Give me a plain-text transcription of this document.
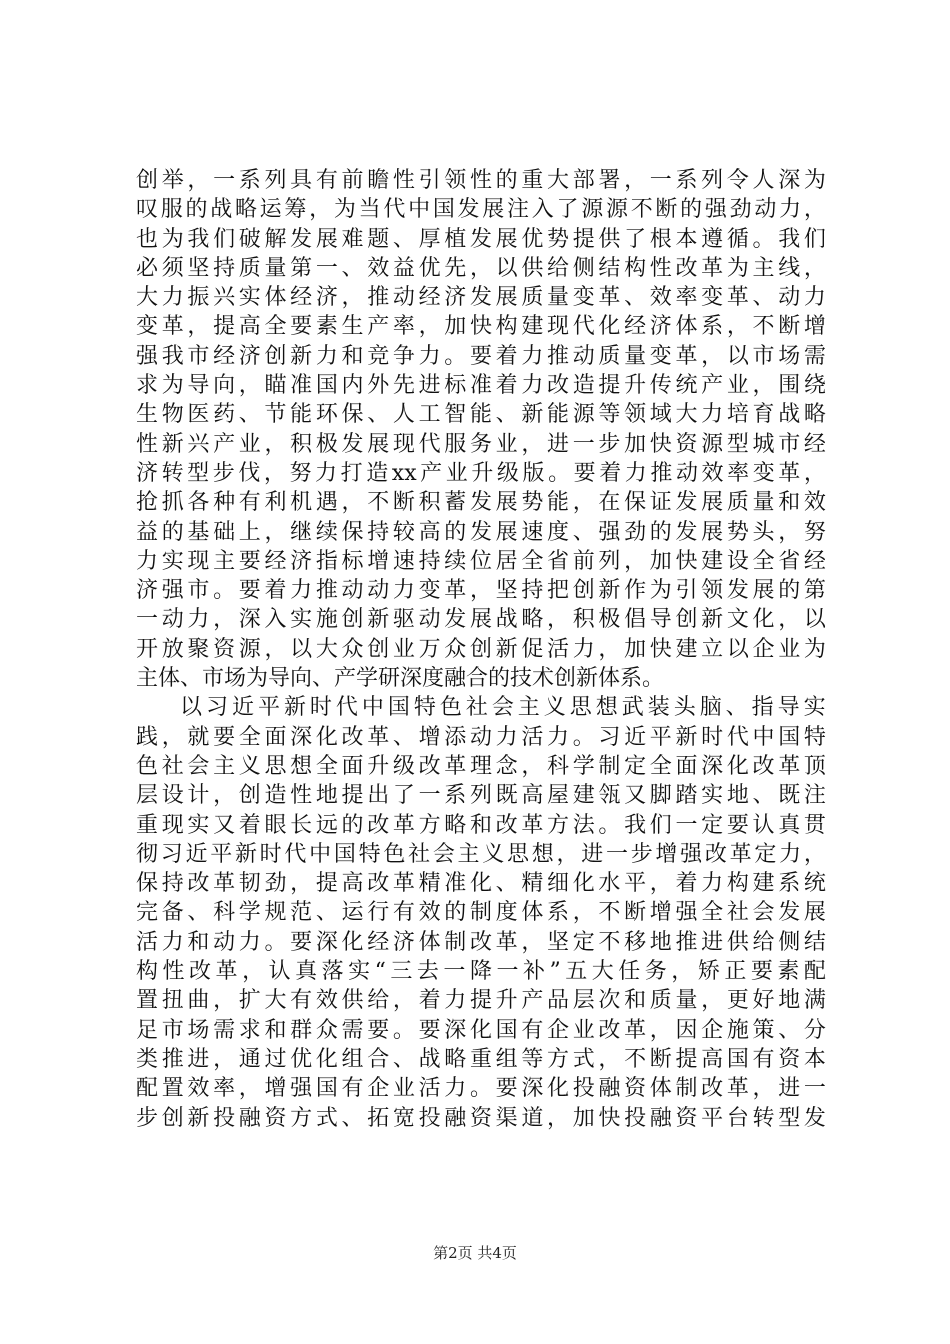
创 举 ， 一 系 列 具 有 前 瞻 性 引 领 性 的 重 大 部 署 ， 一 系 列 令 人 深 为
叹 服 的 战 略 运 筹 ， 为 当 代 中 国 发 展 注 入 了 源 源 不 断 的 强 劲 动 力 ，
也 为 我 们 破 解 发 展 难 题 、 厚 植 发 展 优 势 提 供 了 根 本 遵 循 。 我 们
必 须 坚 持 质 量 第 一 、 效 益 优 先 ， 以 供 给 侧 结 构 性 改 革 为 主 线 ，
大 力 振 兴 实 体 经 济 ， 推 动 经 济 发 展 质 量 变 革 、 效 率 变 革 、 动 力
变 革 ， 提 高 全 要 素 生 产 率 ， 加 快 构 建 现 代 化 经 济 体 系 ， 不 断 增
强 我 市 经 济 创 新 力 和 竞 争 力 。 要 着 力 推 动 质 量 变 革 ， 以 市 场 需
求 为 导 向 ， 瞄 准 国 内 外 先 进 标 准 着 力 改 造 提 升 传 统 产 业 ， 围 绕
生 物 医 药 、 节 能 环 保 、 人 工 智 能 、 新 能 源 等 领 域 大 力 培 育 战 略
性 新 兴 产 业 ， 积 极 发 展 现 代 服 务 业 ， 进 一 步 加 快 资 源 型 城 市 经
济 转 型 步 伐 ， 努 力 打 造 xx 产 业 升 级 版 。 要 着 力 推 动 效 率 变 革 ，
抢 抓 各 种 有 利 机 遇 ， 不 断 积 蓄 发 展 势 能 ， 在 保 证 发 展 质 量 和 效
益 的 基 础 上 ， 继 续 保 持 较 高 的 发 展 速 度 、 强 劲 的 发 展 势 头 ， 努
力 实 现 主 要 经 济 指 标 增 速 持 续 位 居 全 省 前 列 ， 加 快 建 设 全 省 经
济 强 市 。 要 着 力 推 动 动 力 变 革 ， 坚 持 把 创 新 作 为 引 领 发 展 的 第
一 动 力 ， 深 入 实 施 创 新 驱 动 发 展 战 略 ， 积 极 倡 导 创 新 文 化 ， 以
开 放 聚 资 源 ， 以 大 众 创 业 万 众 创 新 促 活 力 ， 加 快 建 立 以 企 业 为
主体、市场为导向、产学研深度融合的技术创新体系。
以 习 近 平 新 时 代 中 国 特 色 社 会 主 义 思 想 武 装 头 脑 、 指 导 实
践 ， 就 要 全 面 深 化 改 革 、 增 添 动 力 活 力 。 习 近 平 新 时 代 中 国 特
色 社 会 主 义 思 想 全 面 升 级 改 革 理 念 ， 科 学 制 定 全 面 深 化 改 革 顶
层 设 计 ， 创 造 性 地 提 出 了 一 系 列 既 高 屋 建 瓴 又 脚 踏 实 地 、 既 注
重 现 实 又 着 眼 长 远 的 改 革 方 略 和 改 革 方 法 。 我 们 一 定 要 认 真 贯
彻 习 近 平 新 时 代 中 国 特 色 社 会 主 义 思 想 ， 进 一 步 增 强 改 革 定 力 ，
保 持 改 革 韧 劲 ， 提 高 改 革 精 准 化 、 精 细 化 水 平 ， 着 力 构 建 系 统
完 备 、 科 学 规 范 、 运 行 有 效 的 制 度 体 系 ， 不 断 增 强 全 社 会 发 展
活 力 和 动 力 。 要 深 化 经 济 体 制 改 革 ， 坚 定 不 移 地 推 进 供 给 侧 结
构 性 改 革 ， 认 真 落 实 “ 三 去 一 降 一 补 ” 五 大 任 务 ， 矫 正 要 素 配
置 扭 曲 ， 扩 大 有 效 供 给 ， 着 力 提 升 产 品 层 次 和 质 量 ， 更 好 地 满
足 市 场 需 求 和 群 众 需 要 。 要 深 化 国 有 企 业 改 革 ， 因 企 施 策 、 分
类 推 进 ， 通 过 优 化 组 合 、 战 略 重 组 等 方 式 ， 不 断 提 高 国 有 资 本
配 置 效 率 ， 增 强 国 有 企 业 活 力 。 要 深 化 投 融 资 体 制 改 革 ， 进 一
步 创 新 投 融 资 方 式 、 拓 宽 投 融 资 渠 道 ， 加 快 投 融 资 平 台 转 型 发
第2页 共4页
